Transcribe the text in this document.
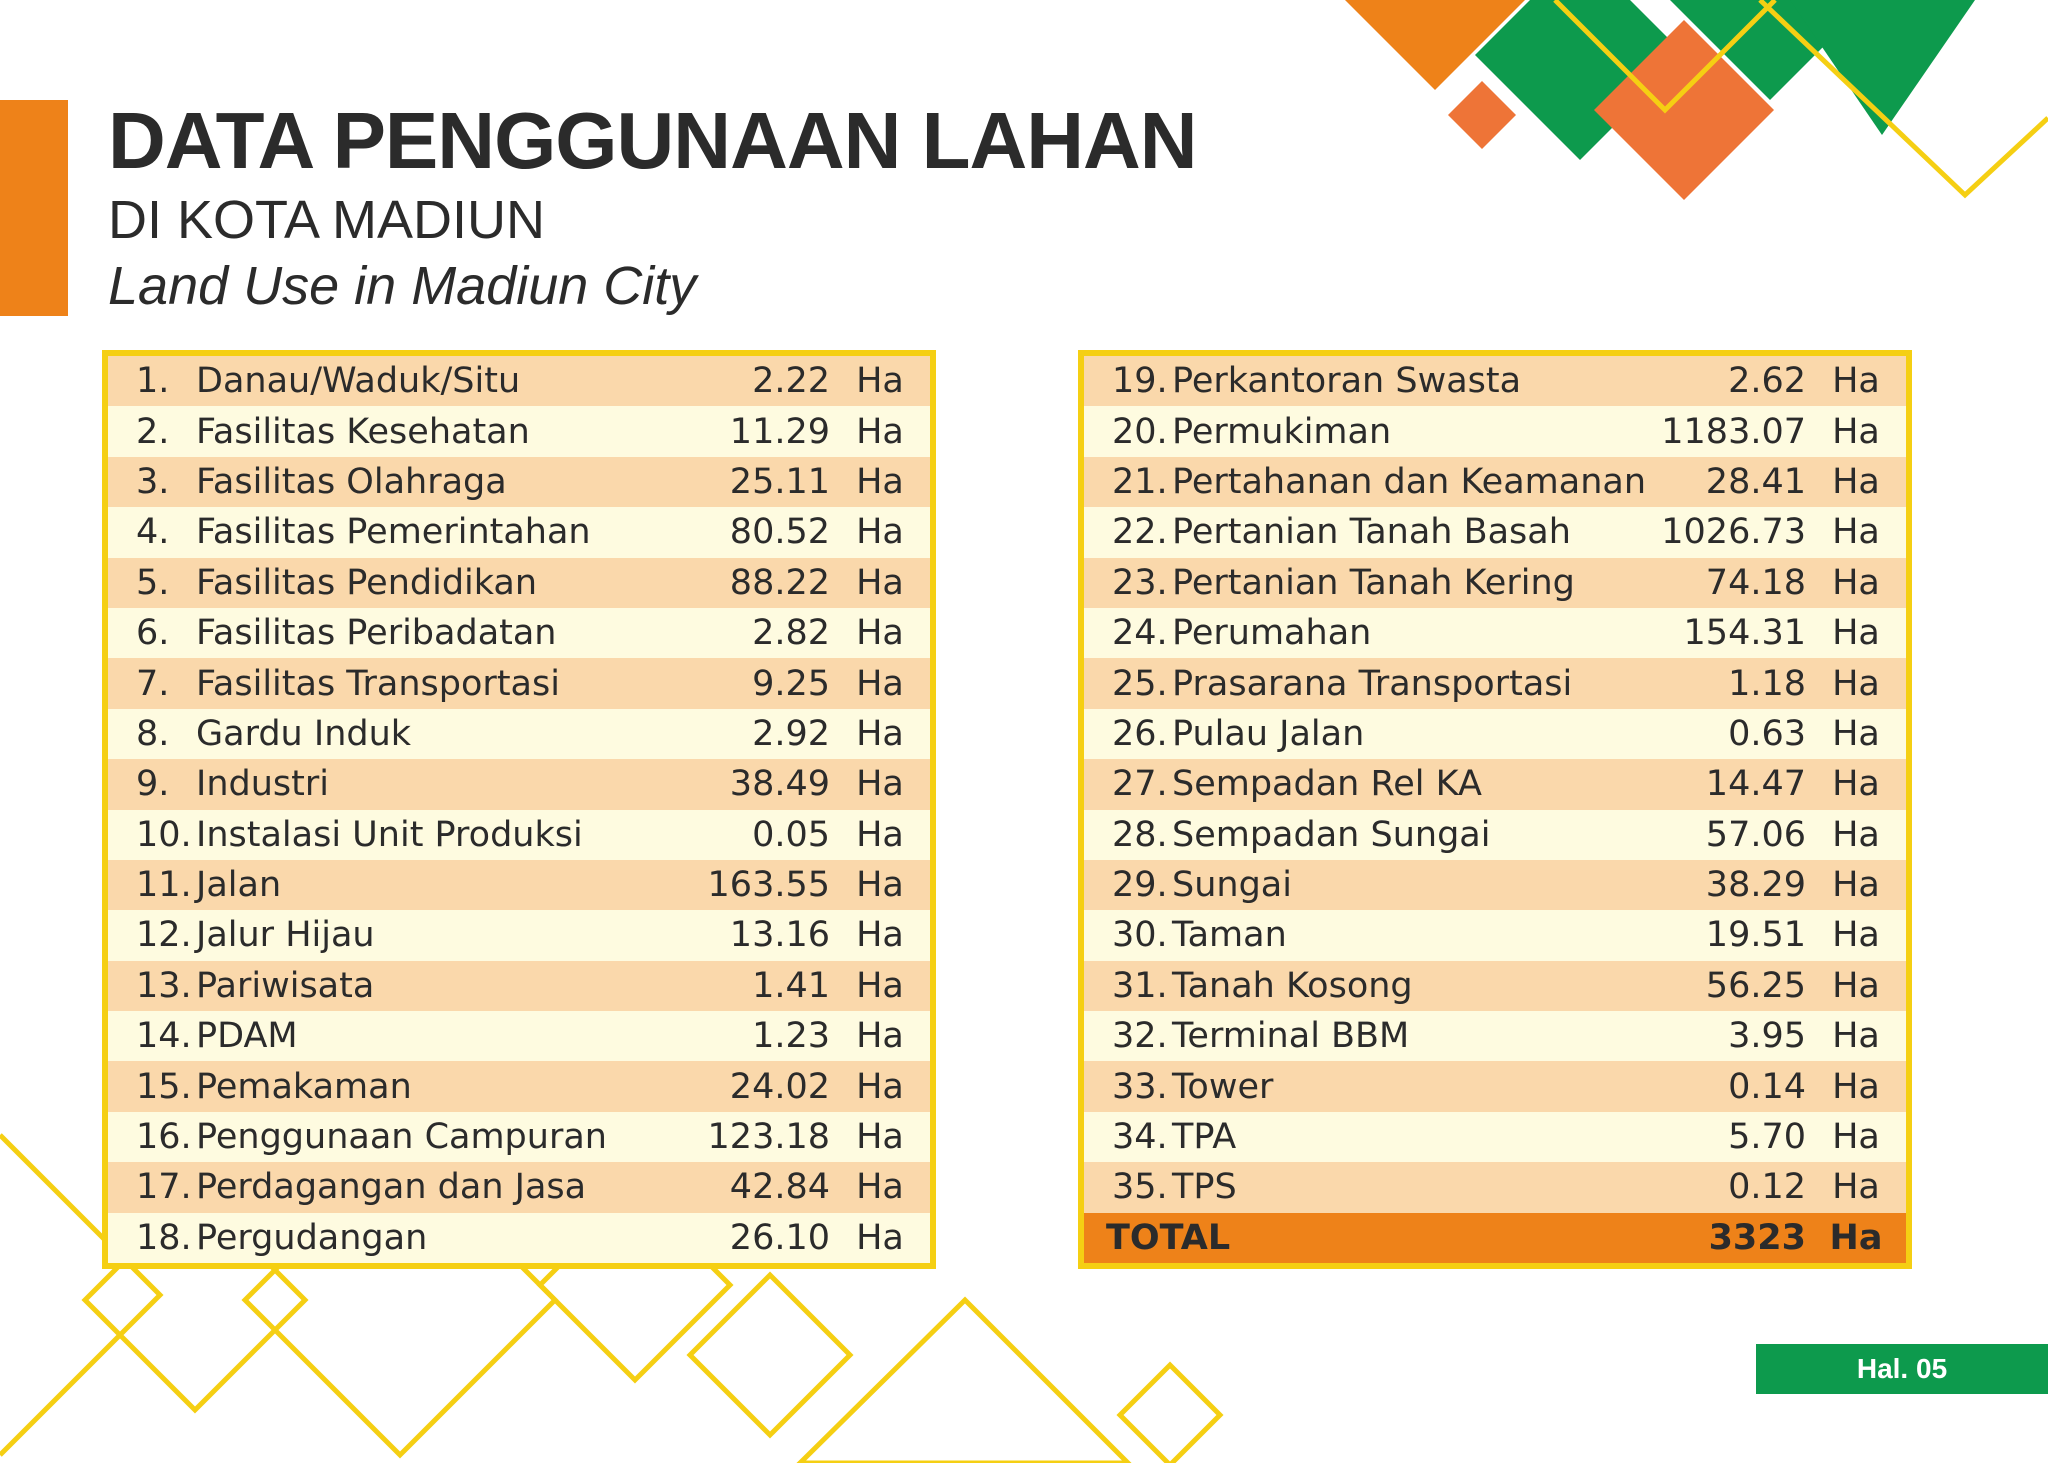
DATA PENGGUNAAN LAHAN
DI KOTA MADIUN
Land Use in Madiun City
1. Danau/Waduk/Situ	2.22 Ha
2. Fasilitas Kesehatan	11.29 Ha
3. Fasilitas Olahraga	25.11 Ha
4. Fasilitas Pemerintahan	80.52 Ha
5. Fasilitas Pendidikan	88.22 Ha
6. Fasilitas Peribadatan	2.82 Ha
7. Fasilitas Transportasi	9.25 Ha
8. Gardu Induk	2.92 Ha
9. Industri	38.49 Ha
10. Instalasi Unit Produksi	0.05 Ha
11. Jalan	163.55 Ha
12. Jalur Hijau	13.16 Ha
13. Pariwisata	1.41 Ha
14. PDAM	1.23 Ha
15. Pemakaman	24.02 Ha
16. Penggunaan Campuran	123.18 Ha
17. Perdagangan dan Jasa	42.84 Ha
18. Pergudangan	26.10 Ha
19. Perkantoran Swasta	2.62 Ha
20. Permukiman	1183.07 Ha
21. Pertahanan dan Keamanan	28.41 Ha
22. Pertanian Tanah Basah	1026.73 Ha
23. Pertanian Tanah Kering	74.18 Ha
24. Perumahan	154.31 Ha
25. Prasarana Transportasi	1.18 Ha
26. Pulau Jalan	0.63 Ha
27. Sempadan Rel KA	14.47 Ha
28. Sempadan Sungai	57.06 Ha
29. Sungai	38.29 Ha
30. Taman	19.51 Ha
31. Tanah Kosong	56.25 Ha
32. Terminal BBM	3.95 Ha
33. Tower	0.14 Ha
34. TPA	5.70 Ha
35. TPS	0.12 Ha
TOTAL	3323 Ha
Hal. 05
